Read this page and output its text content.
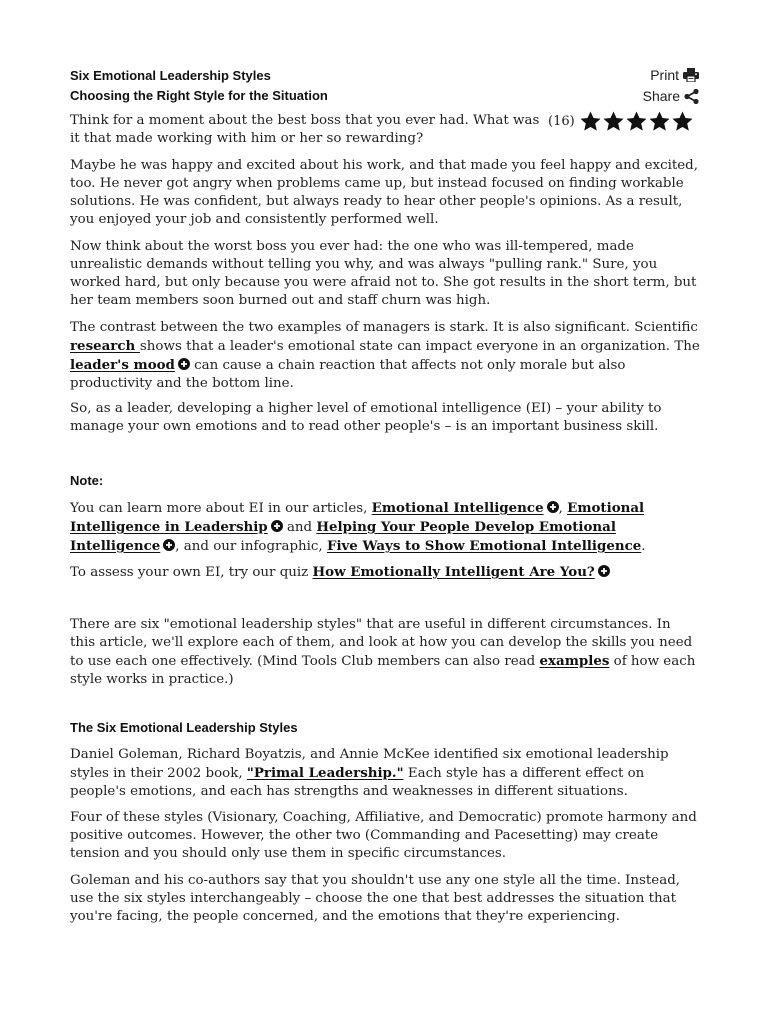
Six Emotional Leadership Styles
Choosing the Right Style for the Situation
Print
Share
(16)

Think for a moment about the best boss that you ever had. What was it that made working with him or her so rewarding?

Maybe he was happy and excited about his work, and that made you feel happy and excited, too. He never got angry when problems came up, but instead focused on finding workable solutions. He was confident, but always ready to hear other people's opinions. As a result, you enjoyed your job and consistently performed well.

Now think about the worst boss you ever had: the one who was ill-tempered, made unrealistic demands without telling you why, and was always "pulling rank." Sure, you worked hard, but only because you were afraid not to. She got results in the short term, but her team members soon burned out and staff churn was high.

The contrast between the two examples of managers is stark. It is also significant. Scientific research shows that a leader's emotional state can impact everyone in an organization. The leader's mood can cause a chain reaction that affects not only morale but also productivity and the bottom line.

So, as a leader, developing a higher level of emotional intelligence (EI) – your ability to manage your own emotions and to read other people's – is an important business skill.

Note:

You can learn more about EI in our articles, Emotional Intelligence , Emotional Intelligence in Leadership and Helping Your People Develop Emotional Intelligence , and our infographic, Five Ways to Show Emotional Intelligence.

To assess your own EI, try our quiz How Emotionally Intelligent Are You?

There are six "emotional leadership styles" that are useful in different circumstances. In this article, we'll explore each of them, and look at how you can develop the skills you need to use each one effectively. (Mind Tools Club members can also read examples of how each style works in practice.)

The Six Emotional Leadership Styles

Daniel Goleman, Richard Boyatzis, and Annie McKee identified six emotional leadership styles in their 2002 book, "Primal Leadership." Each style has a different effect on people's emotions, and each has strengths and weaknesses in different situations.

Four of these styles (Visionary, Coaching, Affiliative, and Democratic) promote harmony and positive outcomes. However, the other two (Commanding and Pacesetting) may create tension and you should only use them in specific circumstances.

Goleman and his co-authors say that you shouldn't use any one style all the time. Instead, use the six styles interchangeably – choose the one that best addresses the situation that you're facing, the people concerned, and the emotions that they're experiencing.
